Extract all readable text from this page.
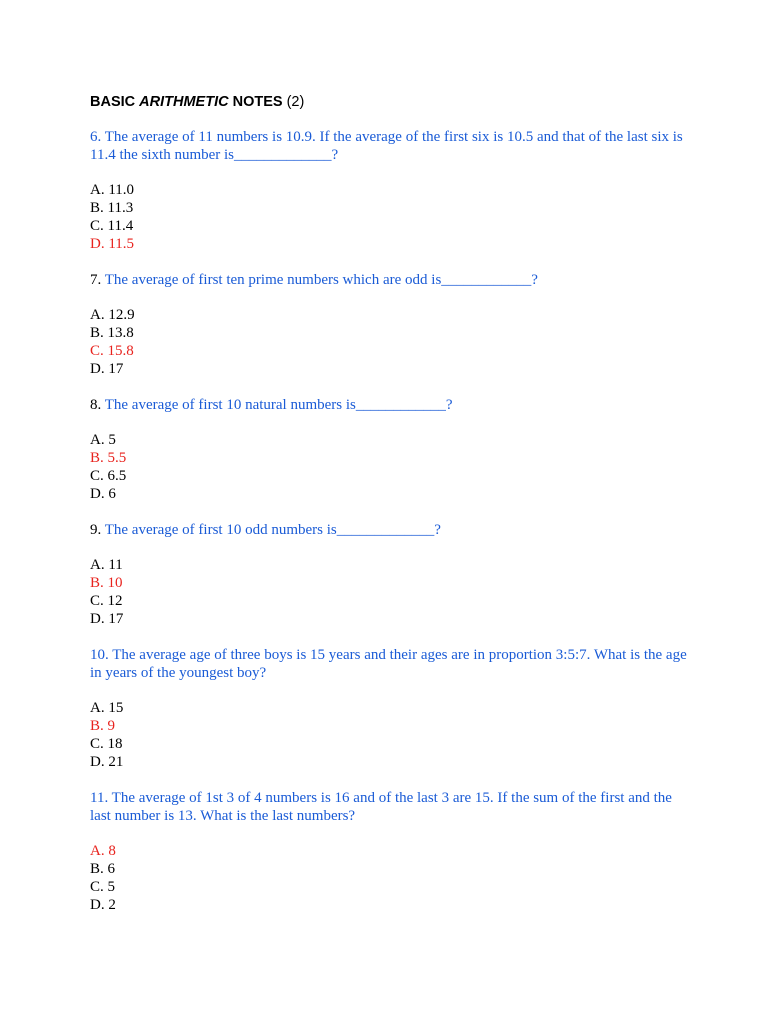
BASIC ARITHMETIC NOTES (2)
6. The average of 11 numbers is 10.9. If the average of the first six is 10.5 and that of the last six is 11.4 the sixth number is_____________?
A. 11.0
B. 11.3
C. 11.4
D. 11.5
7. The average of first ten prime numbers which are odd is____________?
A. 12.9
B. 13.8
C. 15.8
D. 17
8. The average of first 10 natural numbers is____________?
A. 5
B. 5.5
C. 6.5
D. 6
9. The average of first 10 odd numbers is_____________?
A. 11
B. 10
C. 12
D. 17
10. The average age of three boys is 15 years and their ages are in proportion 3:5:7. What is the age in years of the youngest boy?
A. 15
B. 9
C. 18
D. 21
11. The average of 1st 3 of 4 numbers is 16 and of the last 3 are 15. If the sum of the first and the last number is 13. What is the last numbers?
A. 8
B. 6
C. 5
D. 2
